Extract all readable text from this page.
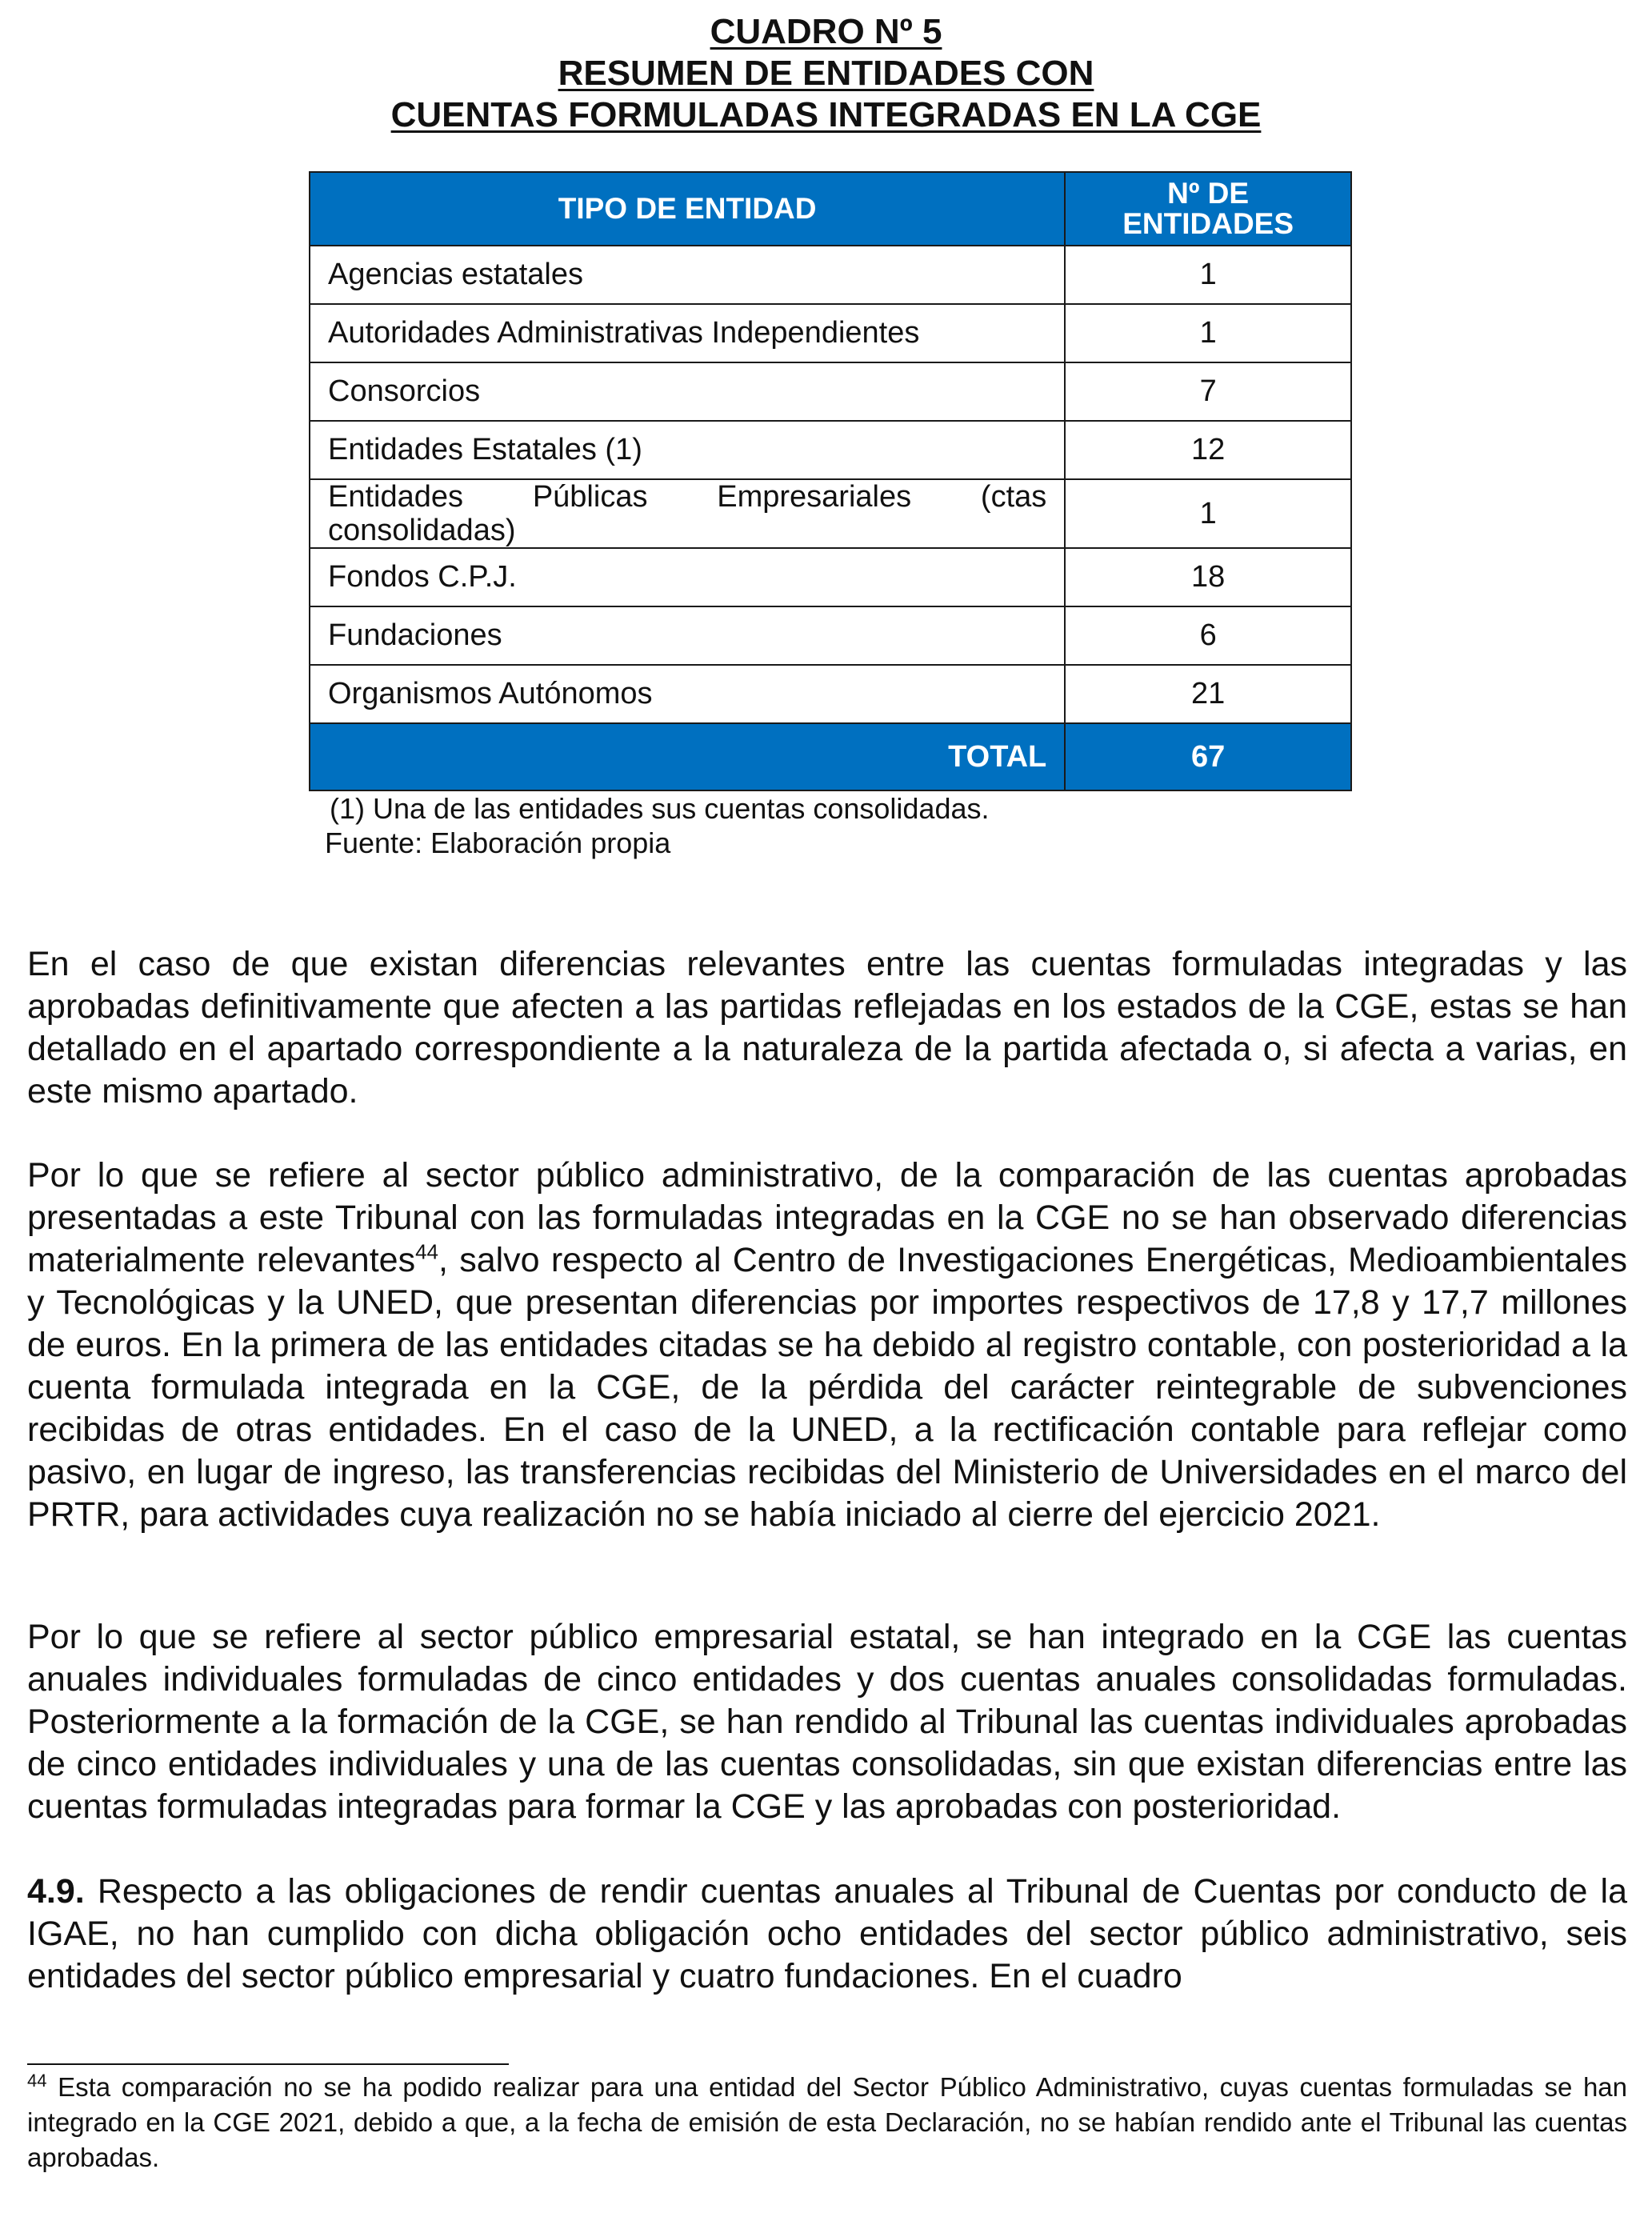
CUADRO Nº 5
RESUMEN DE ENTIDADES CON
CUENTAS FORMULADAS INTEGRADAS EN LA CGE
TIPO DE ENTIDAD	Nº DE
ENTIDADES

Agencias estatales	1
Autoridades Administrativas Independientes	1
Consorcios	7
Entidades Estatales (1)	12
Entidades Públicas Empresariales (ctas consolidadas)	1
Fondos C.P.J.	18
Fundaciones	6
Organismos Autónomos	21
TOTAL	67
(1) Una de las entidades sus cuentas consolidadas.
Fuente: Elaboración propia

En el caso de que existan diferencias relevantes entre las cuentas formuladas integradas y las aprobadas definitivamente que afecten a las partidas reflejadas en los estados de la CGE, estas se han detallado en el apartado correspondiente a la naturaleza de la partida afectada o, si afecta a varias, en este mismo apartado.

Por lo que se refiere al sector público administrativo, de la comparación de las cuentas aprobadas presentadas a este Tribunal con las formuladas integradas en la CGE no se han observado diferencias materialmente relevantes$^{44}$, salvo respecto al Centro de Investigaciones Energéticas, Medioambientales y Tecnológicas y la UNED, que presentan diferencias por importes respectivos de 17,8 y 17,7 millones de euros. En la primera de las entidades citadas se ha debido al registro contable, con posterioridad a la cuenta formulada integrada en la CGE, de la pérdida del carácter reintegrable de subvenciones recibidas de otras entidades. En el caso de la UNED, a la rectificación contable para reflejar como pasivo, en lugar de ingreso, las transferencias recibidas del Ministerio de Universidades en el marco del PRTR, para actividades cuya realización no se había iniciado al cierre del ejercicio 2021.

Por lo que se refiere al sector público empresarial estatal, se han integrado en la CGE las cuentas anuales individuales formuladas de cinco entidades y dos cuentas anuales consolidadas formuladas. Posteriormente a la formación de la CGE, se han rendido al Tribunal las cuentas individuales aprobadas de cinco entidades individuales y una de las cuentas consolidadas, sin que existan diferencias entre las cuentas formuladas integradas para formar la CGE y las aprobadas con posterioridad.

4.9. Respecto a las obligaciones de rendir cuentas anuales al Tribunal de Cuentas por conducto de la IGAE, no han cumplido con dicha obligación ocho entidades del sector público administrativo, seis entidades del sector público empresarial y cuatro fundaciones. En el cuadro

$^{44}$ Esta comparación no se ha podido realizar para una entidad del Sector Público Administrativo, cuyas cuentas formuladas se han integrado en la CGE 2021, debido a que, a la fecha de emisión de esta Declaración, no se habían rendido ante el Tribunal las cuentas aprobadas.
